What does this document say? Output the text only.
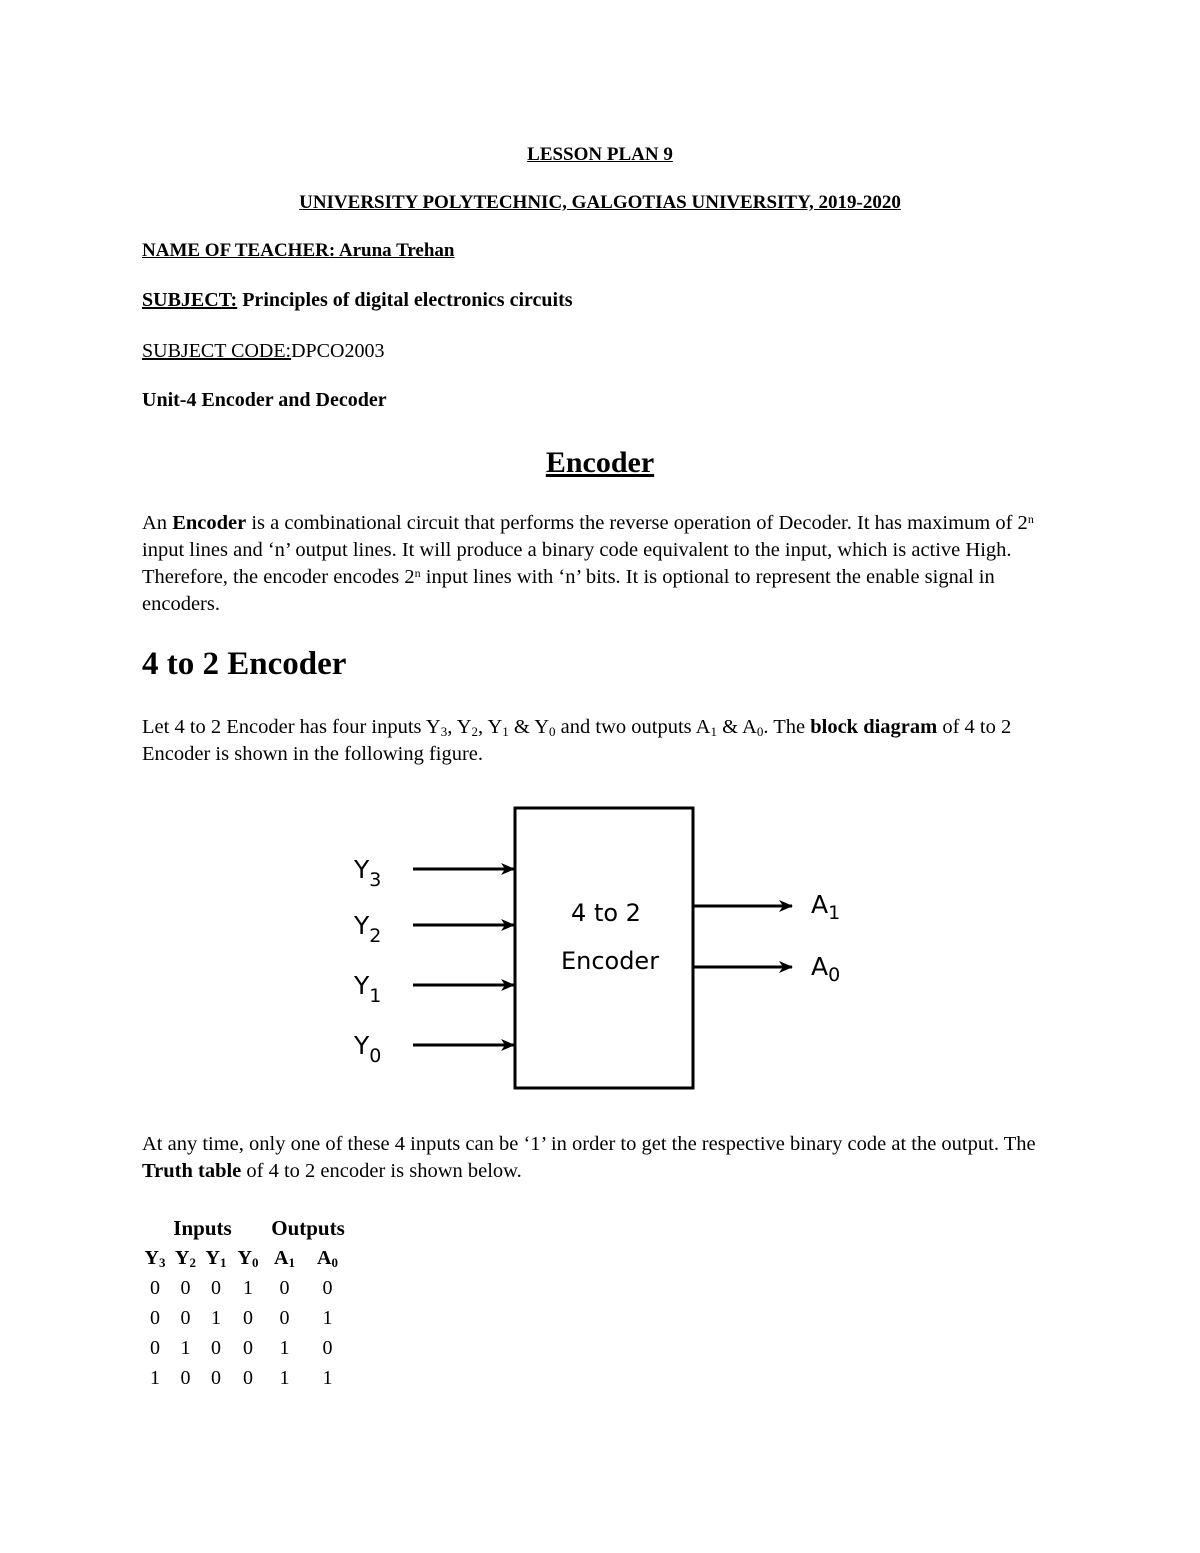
LESSON PLAN 9
UNIVERSITY POLYTECHNIC, GALGOTIAS UNIVERSITY, 2019-2020
NAME OF TEACHER: Aruna Trehan
SUBJECT: Principles of digital electronics circuits
SUBJECT CODE:DPCO2003
Unit-4 Encoder and Decoder
Encoder
An Encoder is a combinational circuit that performs the reverse operation of Decoder. It has maximum of 2$^n$ input lines and ‘n’ output lines. It will produce a binary code equivalent to the input, which is active High. Therefore, the encoder encodes 2$^n$ input lines with ‘n’ bits. It is optional to represent the enable signal in encoders.
4 to 2 Encoder
Let 4 to 2 Encoder has four inputs $Y_3$, $Y_2$, $Y_1$ & $Y_0$ and two outputs $A_1$ & $A_0$. The block diagram of 4 to 2 Encoder is shown in the following figure.
4 to 2
Encoder
$Y_3$
$Y_2$
$Y_1$
$Y_0$
$A_1$
$A_0$
At any time, only one of these 4 inputs can be ‘1’ in order to get the respective binary code at the output. The Truth table of 4 to 2 encoder is shown below.
Inputs				Outputs	
$Y_3$	$Y_2$	$Y_1$	$Y_0$	$A_1$	$A_0$
0	0	0	1	0	0
0	0	1	0	0	1
0	1	0	0	1	0
1	0	0	0	1	1
